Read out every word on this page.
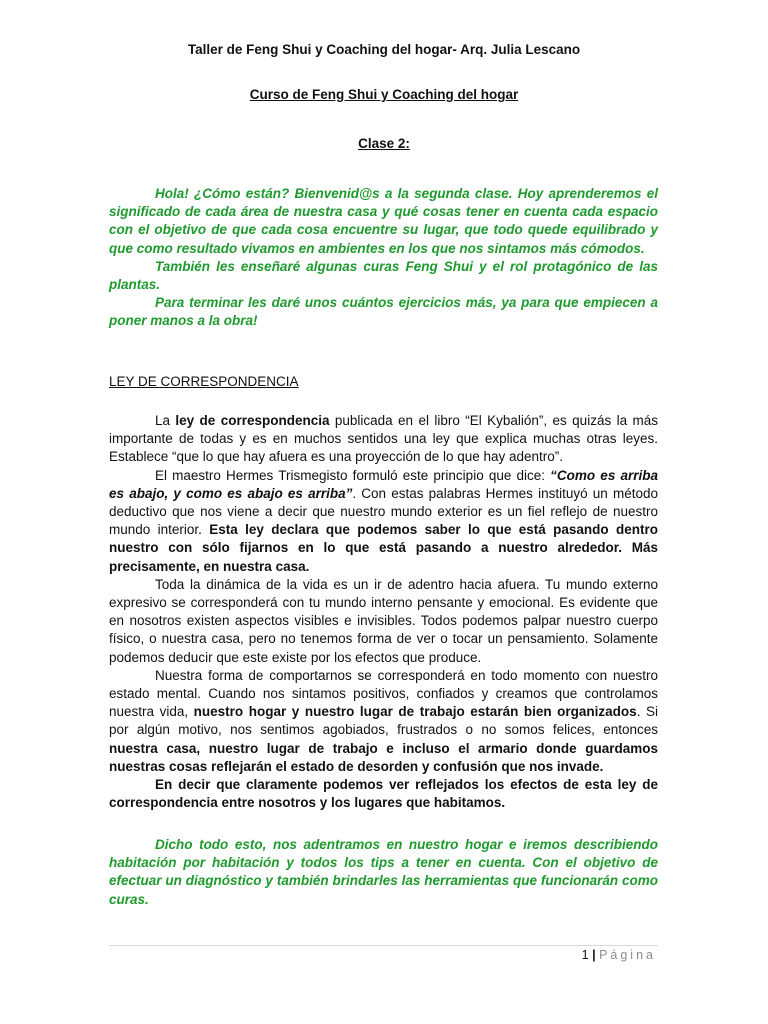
Taller de Feng Shui y Coaching del hogar- Arq. Julia Lescano
Curso de Feng Shui y Coaching del hogar
Clase 2:

Hola! ¿Cómo están? Bienvenid@s a la segunda clase. Hoy aprenderemos el significado de cada área de nuestra casa y qué cosas tener en cuenta cada espacio con el objetivo de que cada cosa encuentre su lugar, que todo quede equilibrado y que como resultado vivamos en ambientes en los que nos sintamos más cómodos.

También les enseñaré algunas curas Feng Shui y el rol protagónico de las plantas.

Para terminar les daré unos cuántos ejercicios más, ya para que empiecen a poner manos a la obra!

LEY DE CORRESPONDENCIA

La ley de correspondencia publicada en el libro “El Kybalión”, es quizás la más importante de todas y es en muchos sentidos una ley que explica muchas otras leyes. Establece “que lo que hay afuera es una proyección de lo que hay adentro”.

El maestro Hermes Trismegisto formuló este principio que dice: “Como es arriba es abajo, y como es abajo es arriba”. Con estas palabras Hermes instituyó un método deductivo que nos viene a decir que nuestro mundo exterior es un fiel reflejo de nuestro mundo interior. Esta ley declara que podemos saber lo que está pasando dentro nuestro con sólo fijarnos en lo que está pasando a nuestro alrededor. Más precisamente, en nuestra casa.

Toda la dinámica de la vida es un ir de adentro hacia afuera. Tu mundo externo expresivo se corresponderá con tu mundo interno pensante y emocional. Es evidente que en nosotros existen aspectos visibles e invisibles. Todos podemos palpar nuestro cuerpo físico, o nuestra casa, pero no tenemos forma de ver o tocar un pensamiento. Solamente podemos deducir que este existe por los efectos que produce.

Nuestra forma de comportarnos se corresponderá en todo momento con nuestro estado mental. Cuando nos sintamos positivos, confiados y creamos que controlamos nuestra vida, nuestro hogar y nuestro lugar de trabajo estarán bien organizados. Si por algún motivo, nos sentimos agobiados, frustrados o no somos felices, entonces nuestra casa, nuestro lugar de trabajo e incluso el armario donde guardamos nuestras cosas reflejarán el estado de desorden y confusión que nos invade.

En decir que claramente podemos ver reflejados los efectos de esta ley de correspondencia entre nosotros y los lugares que habitamos.

Dicho todo esto, nos adentramos en nuestro hogar e iremos describiendo habitación por habitación y todos los tips a tener en cuenta. Con el objetivo de efectuar un diagnóstico y también brindarles las herramientas que funcionarán como curas.

1 | Página
